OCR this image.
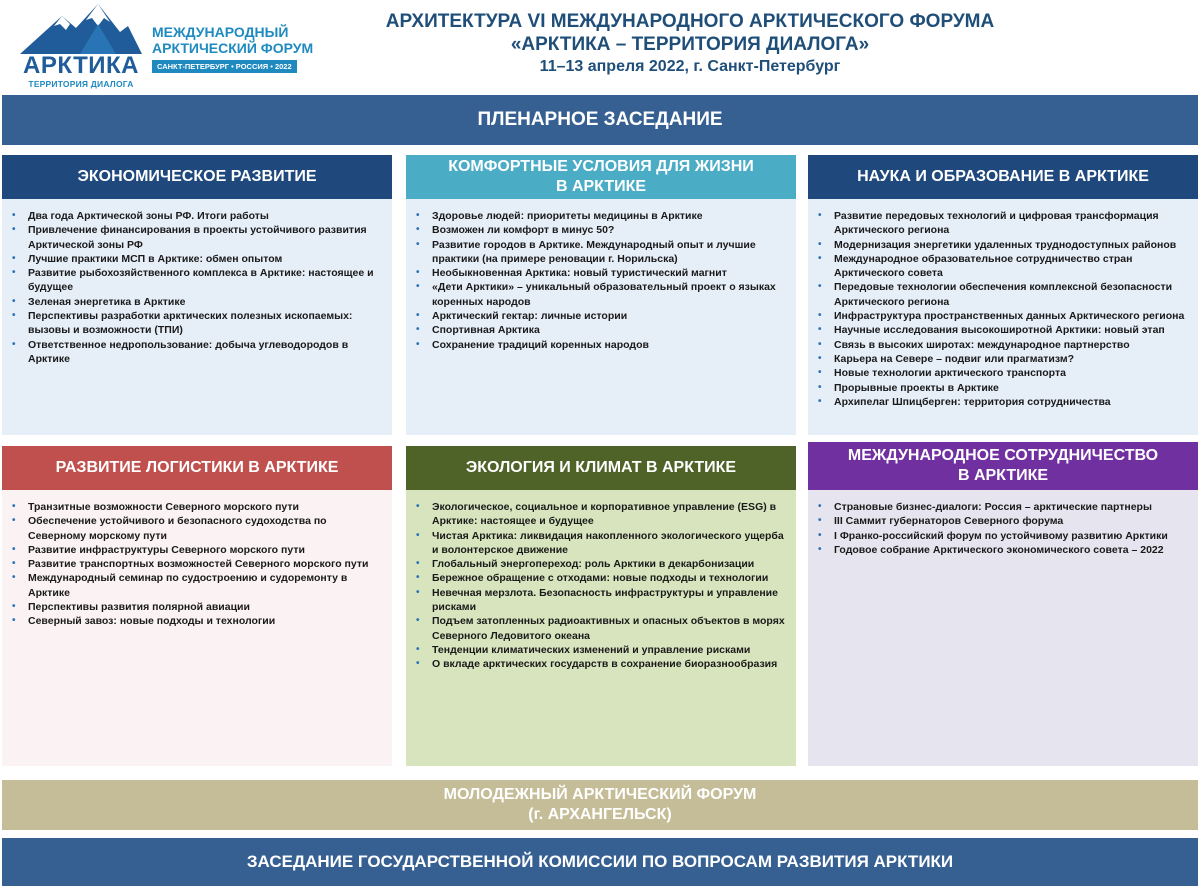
АРКТИКА
ТЕРРИТОРИЯ ДИАЛОГА
МЕЖДУНАРОДНЫЙ
АРКТИЧЕСКИЙ ФОРУМ
САНКТ-ПЕТЕРБУРГ • РОССИЯ • 2022
АРХИТЕКТУРА VI МЕЖДУНАРОДНОГО АРКТИЧЕСКОГО ФОРУМА
«АРКТИКА – ТЕРРИТОРИЯ ДИАЛОГА»
11–13 апреля 2022, г. Санкт-Петербург
ПЛЕНАРНОЕ ЗАСЕДАНИЕ
ЭКОНОМИЧЕСКОЕ РАЗВИТИЕ
• Два года Арктической зоны РФ. Итоги работы
• Привлечение финансирования в проекты устойчивого развития Арктической зоны РФ
• Лучшие практики МСП в Арктике: обмен опытом
• Развитие рыбохозяйственного комплекса в Арктике: настоящее и будущее
• Зеленая энергетика в Арктике
• Перспективы разработки арктических полезных ископаемых: вызовы и возможности (ТПИ)
• Ответственное недропользование: добыча углеводородов в Арктике
КОМФОРТНЫЕ УСЛОВИЯ ДЛЯ ЖИЗНИ
В АРКТИКЕ
• Здоровье людей: приоритеты медицины в Арктике
• Возможен ли комфорт в минус 50?
• Развитие городов в Арктике. Международный опыт и лучшие практики (на примере реновации г. Норильска)
• Необыкновенная Арктика: новый туристический магнит
• «Дети Арктики» – уникальный образовательный проект о языках коренных народов
• Арктический гектар: личные истории
• Спортивная Арктика
• Сохранение традиций коренных народов
НАУКА И ОБРАЗОВАНИЕ В АРКТИКЕ
• Развитие передовых технологий и цифровая трансформация Арктического региона
• Модернизация энергетики удаленных труднодоступных районов
• Международное образовательное сотрудничество стран Арктического совета
• Передовые технологии обеспечения комплексной безопасности Арктического региона
• Инфраструктура пространственных данных Арктического региона
• Научные исследования высокоширотной Арктики: новый этап
• Связь в высоких широтах: международное партнерство
• Карьера на Севере – подвиг или прагматизм?
• Новые технологии арктического транспорта
• Прорывные проекты в Арктике
• Архипелаг Шпицберген: территория сотрудничества
РАЗВИТИЕ ЛОГИСТИКИ В АРКТИКЕ
• Транзитные возможности Северного морского пути
• Обеспечение устойчивого и безопасного судоходства по Северному морскому пути
• Развитие инфраструктуры Северного морского пути
• Развитие транспортных возможностей Северного морского пути
• Международный семинар по судостроению и судоремонту в Арктике
• Перспективы развития полярной авиации
• Северный завоз: новые подходы и технологии
ЭКОЛОГИЯ И КЛИМАТ В АРКТИКЕ
• Экологическое, социальное и корпоративное управление (ESG) в Арктике: настоящее и будущее
• Чистая Арктика: ликвидация накопленного экологического ущерба и волонтерское движение
• Глобальный энергопереход: роль Арктики в декарбонизации
• Бережное обращение с отходами: новые подходы и технологии
• Невечная мерзлота. Безопасность инфраструктуры и управление рисками
• Подъем затопленных радиоактивных и опасных объектов в морях Северного Ледовитого океана
• Тенденции климатических изменений и управление рисками
• О вкладе арктических государств в сохранение биоразнообразия
МЕЖДУНАРОДНОЕ СОТРУДНИЧЕСТВО
В АРКТИКЕ
• Страновые бизнес-диалоги: Россия – арктические партнеры
• III Саммит губернаторов Северного форума
• I Франко-российский форум по устойчивому развитию Арктики
• Годовое собрание Арктического экономического совета – 2022
МОЛОДЕЖНЫЙ АРКТИЧЕСКИЙ ФОРУМ
(г. АРХАНГЕЛЬСК)
ЗАСЕДАНИЕ ГОСУДАРСТВЕННОЙ КОМИССИИ ПО ВОПРОСАМ РАЗВИТИЯ АРКТИКИ
